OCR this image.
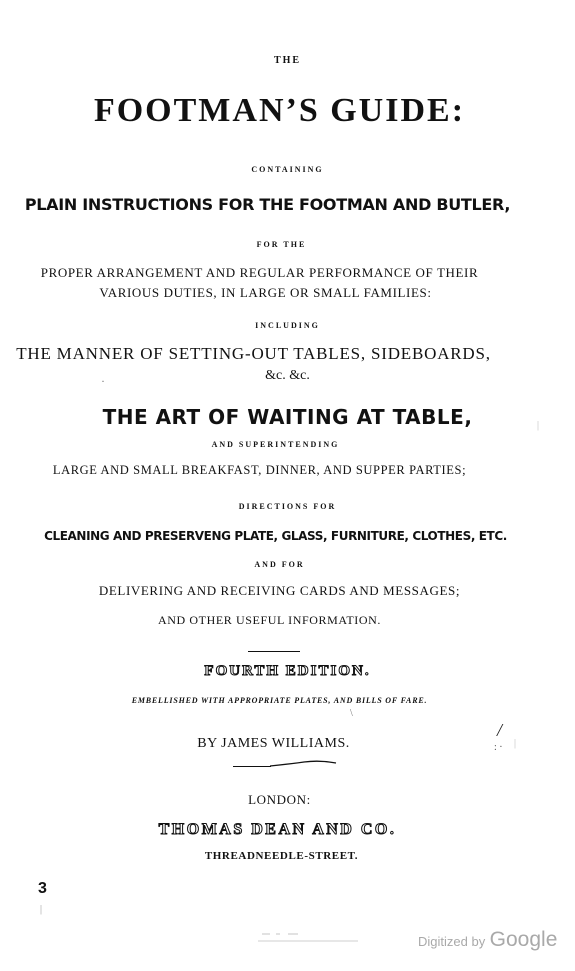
THE
FOOTMAN’S GUIDE:
CONTAINING
PLAIN INSTRUCTIONS FOR THE FOOTMAN AND BUTLER,
FOR THE
PROPER ARRANGEMENT AND REGULAR PERFORMANCE OF THEIR
VARIOUS DUTIES, IN LARGE OR SMALL FAMILIES:
INCLUDING
THE MANNER OF SETTING-OUT TABLES, SIDEBOARDS,
&c. &c.
THE ART OF WAITING AT TABLE,
AND SUPERINTENDING
LARGE AND SMALL BREAKFAST, DINNER, AND SUPPER PARTIES;
DIRECTIONS FOR
CLEANING AND PRESERVENG PLATE, GLASS, FURNITURE, CLOTHES, ETC.
AND FOR
DELIVERING AND RECEIVING CARDS AND MESSAGES;
AND OTHER USEFUL INFORMATION.
FOURTH EDITION.
EMBELLISHED WITH APPROPRIATE PLATES, AND BILLS OF FARE.
BY JAMES WILLIAMS.
LONDON:
THOMAS DEAN AND CO.
THREADNEEDLE-STREET.
·
\
/
: ·
|
|
3
|
Digitized by Google
